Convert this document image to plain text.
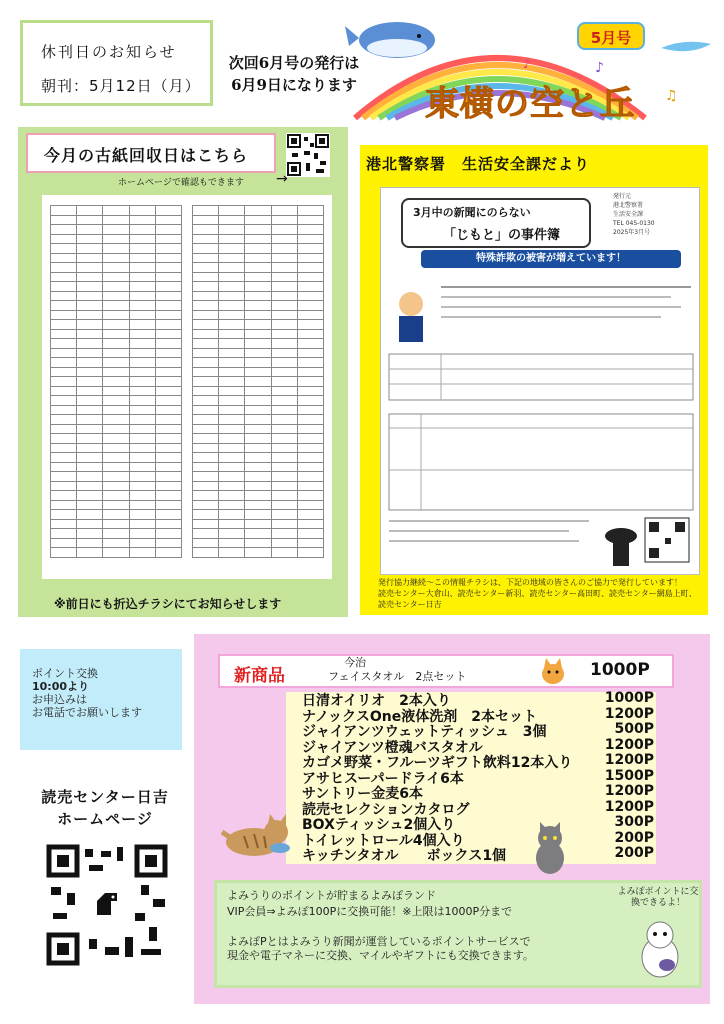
休刊日のお知らせ
朝刊：5月12日（月）
次回6月号の発行は
6月9日になります
♪
♫
♪
5月号
東横の空と丘
今月の古紙回収日はこちら
ホームページで確認もできます →

※前日にも折込チラシにてお知らせします
港北警察署　生活安全課だより
3月中の新聞にのらない
「じもと」の事件簿
発行元
港北警察署
生活安全課
TEL 045-0130
2025年3月号
特殊詐欺の被害が増えています！
発行協力継続～この情報チラシは、下記の地域の皆さんのご協力で発行しています！
読売センター大倉山、読売センター新羽、読売センター高田町、読売センター網島上町、
読売センター日吉
ポイント交換
10:00より
お申込みは
お電話でお願いします
読売センター日吉
ホームページ
新商品
今治
フェイスタオル　2点セット	1000P
日清オイリオ　2本入り	1000P
ナノックスOne液体洗剤　2本セット	1200P
ジャイアンツウェットティッシュ　3個	500P
ジャイアンツ橙魂バスタオル	1200P
カゴメ野菜・フルーツギフト飲料12本入り 1200P
アサヒスーパードライ6本	1500P
サントリー金麦6本	1200P
読売セレクションカタログ	1200P
BOXティッシュ2個入り	300P
トイレットロール4個入り	200P
キッチンタオル　　ボックス1個	200P
よみうりのポイントが貯まるよみぽランド
VIP会員⇒よみぽ100Pに交換可能！※上限は1000P分まで
よみぽPとはよみうり新聞が運営しているポイントサービスで
現金や電子マネーに交換、マイルやギフトにも交換できます。
よみぽポイントに交換できるよ！
